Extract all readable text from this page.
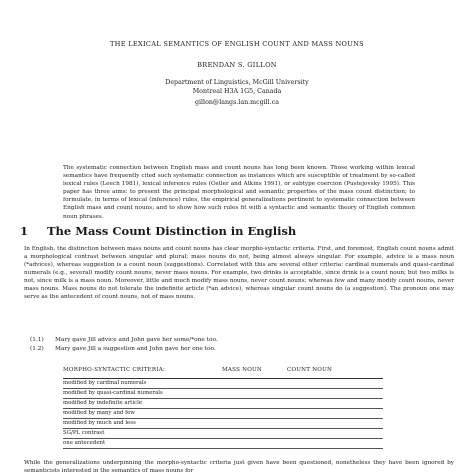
THE LEXICAL SEMANTICS OF ENGLISH COUNT AND MASS NOUNS
BRENDAN S. GILLON
Department of Linguistics, McGill University
Montreal H3A 1G5, Canada
gillon@langs.lan.mcgill.ca

The systematic connection between English mass and count nouns has long been known. Those working within lexical semantics have frequently cited such systematic connection as instances which are susceptible of treatment by so-called lexical rules (Leech 1981), lexical inference rules (Ostler and Atkins 1991), or subtype coercion (Pustejovsky 1995). This paper has three aims: to present the principal morphological and semantic properties of the mass count distinction; to formulate, in terms of lexical (inference) rules, the empirical generalizations pertinent to systematic connection between English mass and count nouns; and to show how such rules fit with a syntactic and semantic theory of English common noun phrases.

1 The Mass Count Distinction in English

In English, the distinction between mass nouns and count nouns has clear morpho-syntactic criteria. First, and foremost, English count nouns admit a morphological contrast between singular and plural; mass nouns do not, being almost always singular. For example, advice is a mass noun (*advices), whereas suggestion is a count noun (suggestions). Correlated with this are several other criteria: cardinal numerals and quasi-cardinal numerals (e.g., several) modify count nouns, never mass nouns. For example, two drinks is acceptable, since drink is a count noun; but two milks is not, since milk is a mass noun. Moreover, little and much modify mass nouns, never count nouns; whereas few and many modify count nouns, never mass nouns. Mass nouns do not tolerate the indefinite article (*an advice), whereas singular count nouns do (a suggestion). The pronoun one may serve as the antecedent of count nouns, not of mass nouns.

(1.1) Mary gave Jill advice and John gave her some/*one too.
(1.2) Mary gave Jill a suggestion and John gave her one too.
MORPHO-SYNTACTIC CRITERIA:	MASS NOUN	COUNT NOUN
modified by cardinal numerals
modified by quasi-cardinal numerals
modified by indefinite article
modified by many and few
modified by much and less
SG/PL contrast
one antecedent

While the generalizations underpinning the morpho-syntactic criteria just given have been questioned, nonetheless they have been ignored by semanticists interested in the semantics of mass nouns for
